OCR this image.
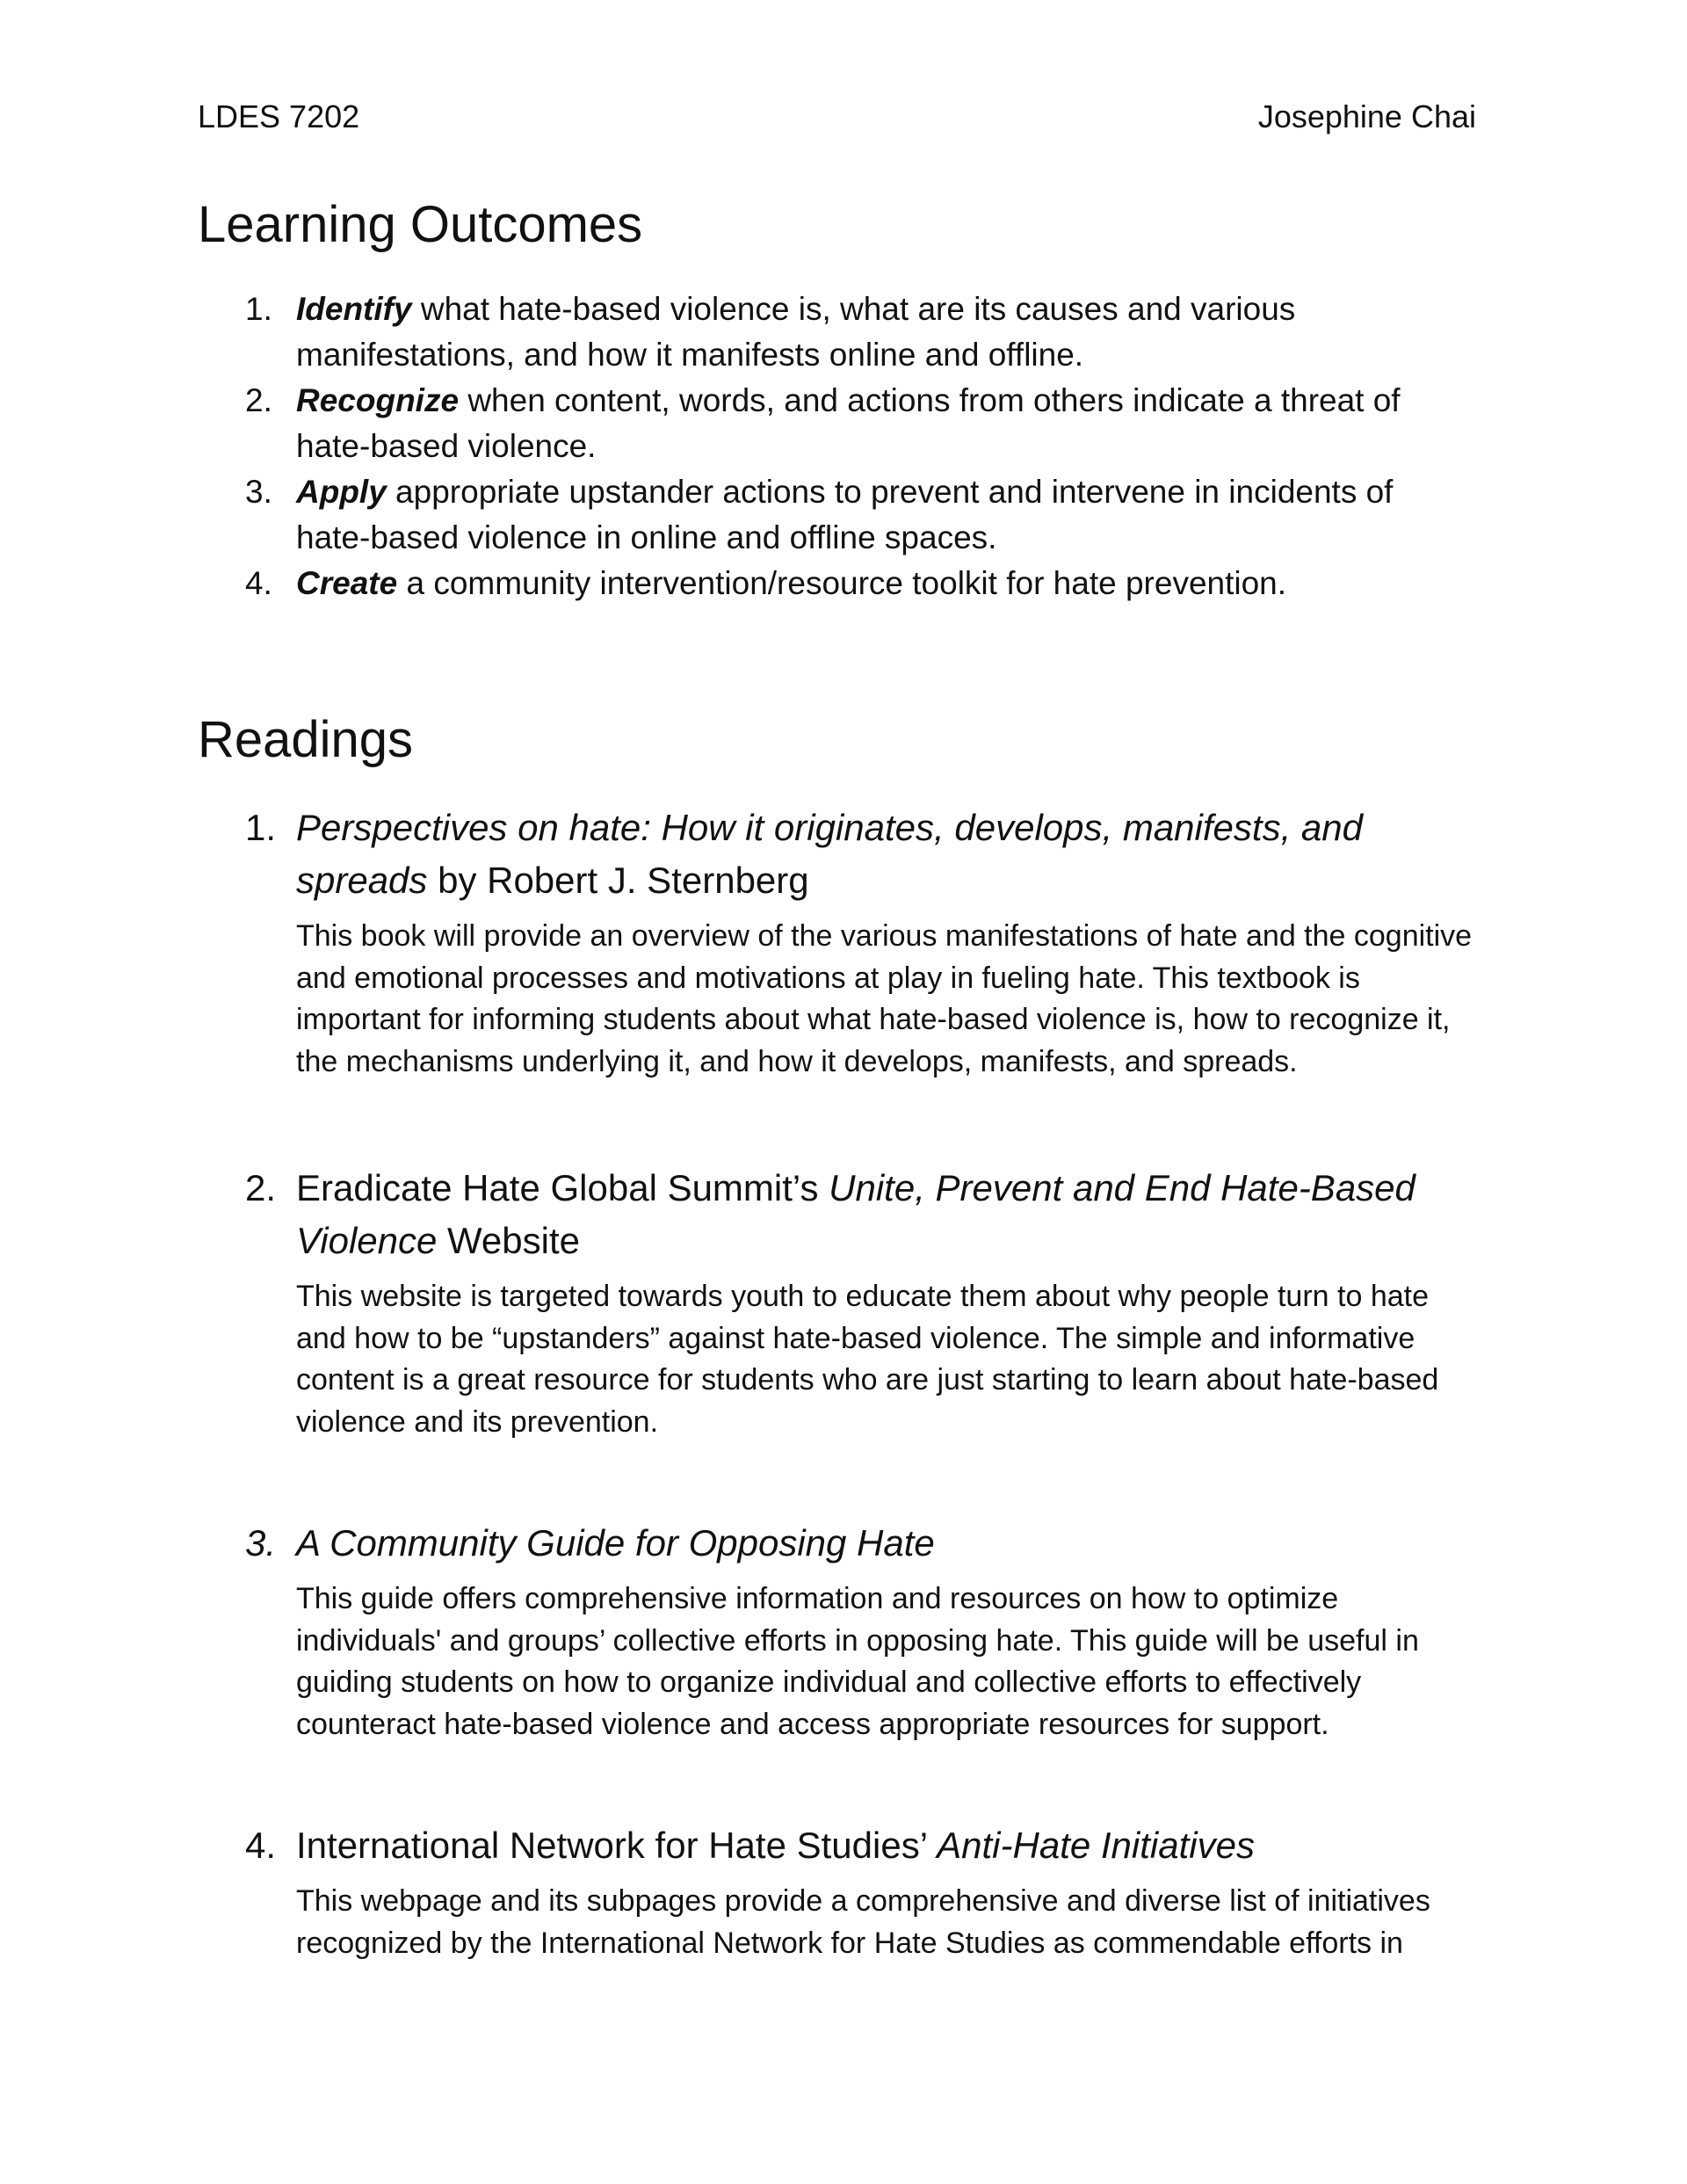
LDES 7202	Josephine Chai
Learning Outcomes
1. Identify what hate-based violence is, what are its causes and various manifestations, and how it manifests online and offline.
2. Recognize when content, words, and actions from others indicate a threat of hate-based violence.
3. Apply appropriate upstander actions to prevent and intervene in incidents of hate-based violence in online and offline spaces.
4. Create a community intervention/resource toolkit for hate prevention.
Readings
1. Perspectives on hate: How it originates, develops, manifests, and spreads by Robert J. Sternberg
This book will provide an overview of the various manifestations of hate and the cognitive and emotional processes and motivations at play in fueling hate. This textbook is important for informing students about what hate-based violence is, how to recognize it, the mechanisms underlying it, and how it develops, manifests, and spreads.
2. Eradicate Hate Global Summit’s Unite, Prevent and End Hate-Based Violence Website
This website is targeted towards youth to educate them about why people turn to hate and how to be “upstanders” against hate-based violence. The simple and informative content is a great resource for students who are just starting to learn about hate-based violence and its prevention.
3. A Community Guide for Opposing Hate
This guide offers comprehensive information and resources on how to optimize individuals' and groups’ collective efforts in opposing hate. This guide will be useful in guiding students on how to organize individual and collective efforts to effectively counteract hate-based violence and access appropriate resources for support.
4. International Network for Hate Studies’ Anti-Hate Initiatives
This webpage and its subpages provide a comprehensive and diverse list of initiatives recognized by the International Network for Hate Studies as commendable efforts in
